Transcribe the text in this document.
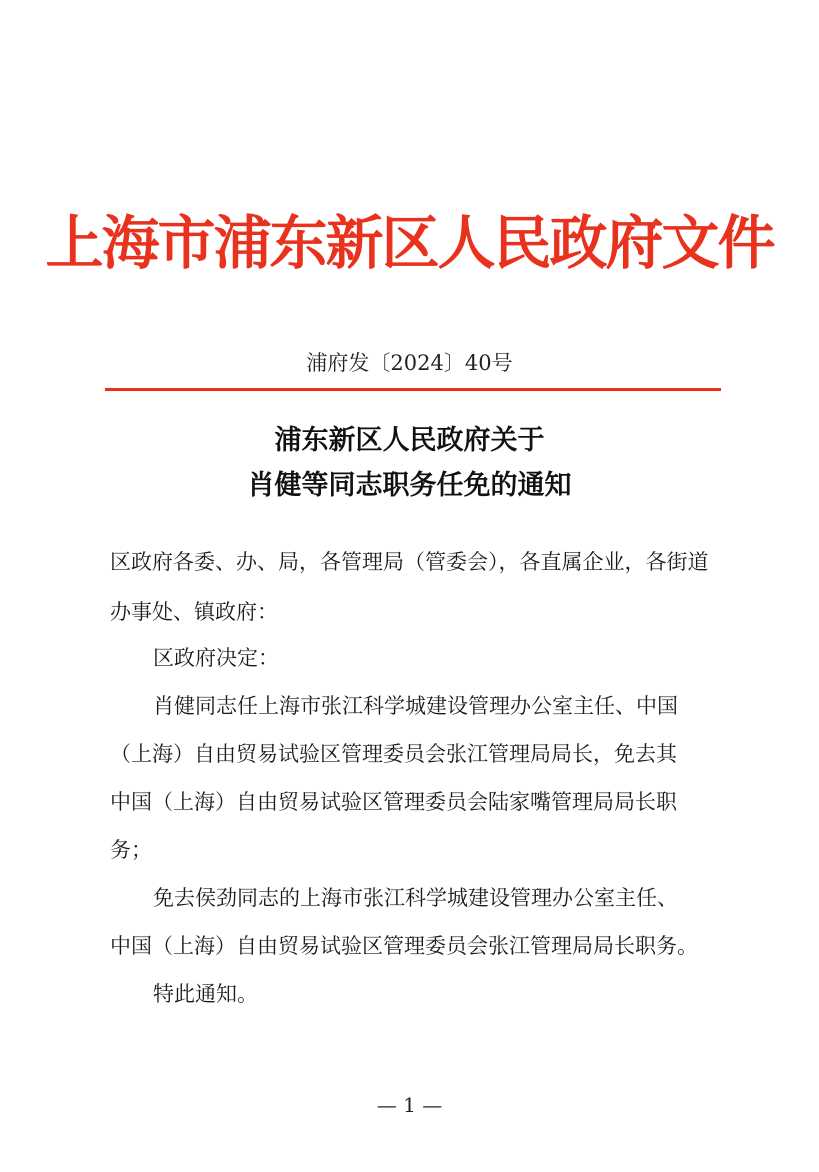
上海市浦东新区人民政府文件
浦府发〔2024〕40号
浦东新区人民政府关于
肖健等同志职务任免的通知
区政府各委、办、局，各管理局（管委会），各直属企业，各街道
办事处、镇政府：
区政府决定：
肖健同志任上海市张江科学城建设管理办公室主任、中国
（上海）自由贸易试验区管理委员会张江管理局局长，免去其
中国（上海）自由贸易试验区管理委员会陆家嘴管理局局长职
务；
免去侯劲同志的上海市张江科学城建设管理办公室主任、
中国（上海）自由贸易试验区管理委员会张江管理局局长职务。
特此通知。
— 1 —
